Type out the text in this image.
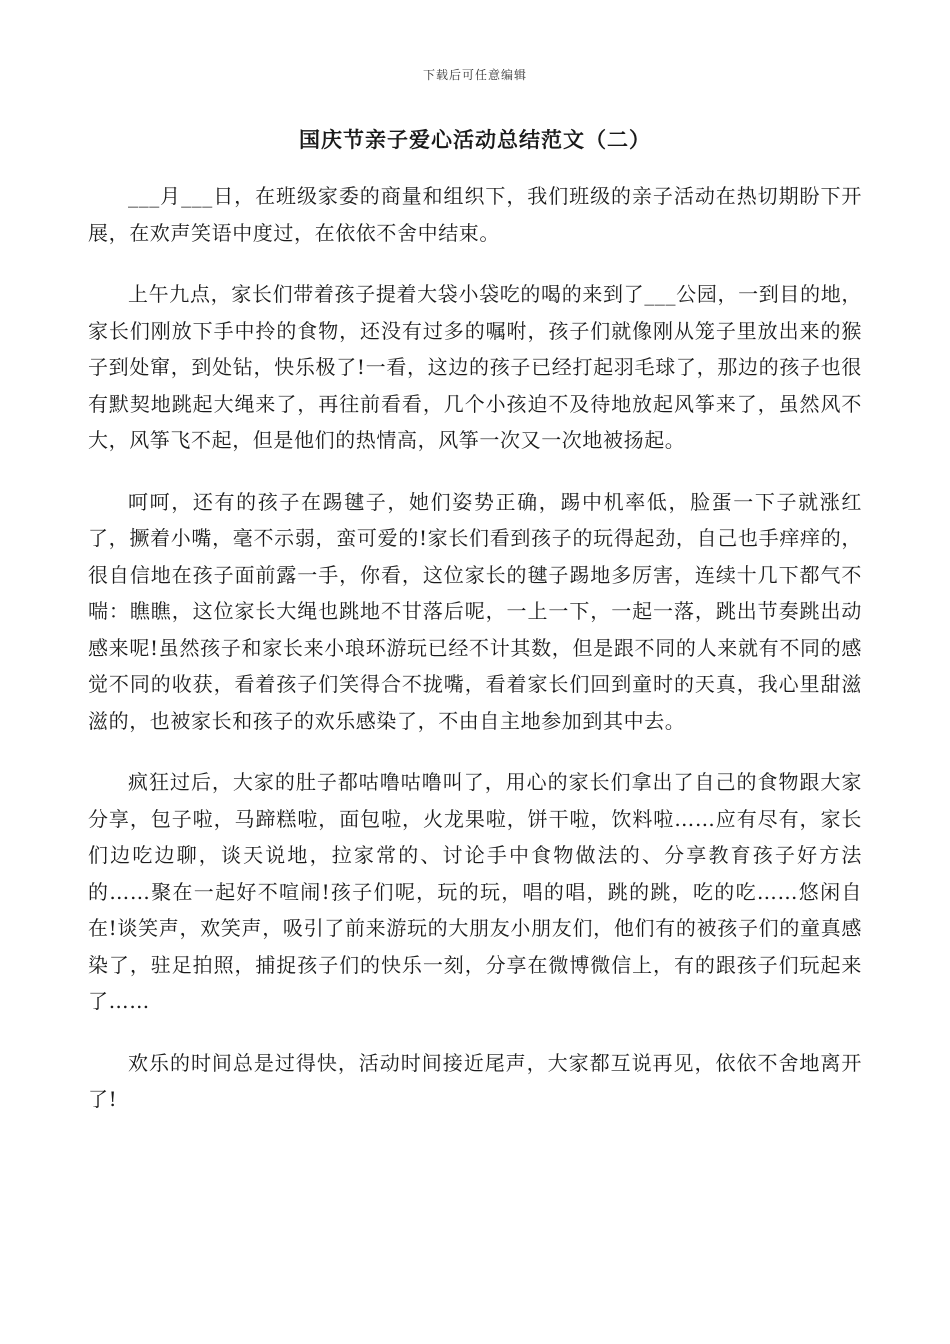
下载后可任意编辑
国庆节亲子爱心活动总结范文（二）

___月___日，在班级家委的商量和组织下，我们班级的亲子活动在热切期盼下开展，在欢声笑语中度过，在依依不舍中结束。

上午九点，家长们带着孩子提着大袋小袋吃的喝的来到了___公园，一到目的地，家长们刚放下手中拎的食物，还没有过多的嘱咐，孩子们就像刚从笼子里放出来的猴子到处窜，到处钻，快乐极了!一看，这边的孩子已经打起羽毛球了，那边的孩子也很有默契地跳起大绳来了，再往前看看，几个小孩迫不及待地放起风筝来了，虽然风不大，风筝飞不起，但是他们的热情高，风筝一次又一次地被扬起。

呵呵，还有的孩子在踢毽子，她们姿势正确，踢中机率低，脸蛋一下子就涨红了，撅着小嘴，毫不示弱，蛮可爱的!家长们看到孩子的玩得起劲，自己也手痒痒的，很自信地在孩子面前露一手，你看，这位家长的毽子踢地多厉害，连续十几下都气不喘：瞧瞧，这位家长大绳也跳地不甘落后呢，一上一下，一起一落，跳出节奏跳出动感来呢!虽然孩子和家长来小琅环游玩已经不计其数，但是跟不同的人来就有不同的感觉不同的收获，看着孩子们笑得合不拢嘴，看着家长们回到童时的天真，我心里甜滋滋的，也被家长和孩子的欢乐感染了，不由自主地参加到其中去。

疯狂过后，大家的肚子都咕噜咕噜叫了，用心的家长们拿出了自己的食物跟大家分享，包子啦，马蹄糕啦，面包啦，火龙果啦，饼干啦，饮料啦……应有尽有，家长们边吃边聊，谈天说地，拉家常的、讨论手中食物做法的、分享教育孩子好方法的……聚在一起好不喧闹!孩子们呢，玩的玩，唱的唱，跳的跳，吃的吃……悠闲自在!谈笑声，欢笑声，吸引了前来游玩的大朋友小朋友们，他们有的被孩子们的童真感染了，驻足拍照，捕捉孩子们的快乐一刻，分享在微博微信上，有的跟孩子们玩起来了……

欢乐的时间总是过得快，活动时间接近尾声，大家都互说再见，依依不舍地离开了!
